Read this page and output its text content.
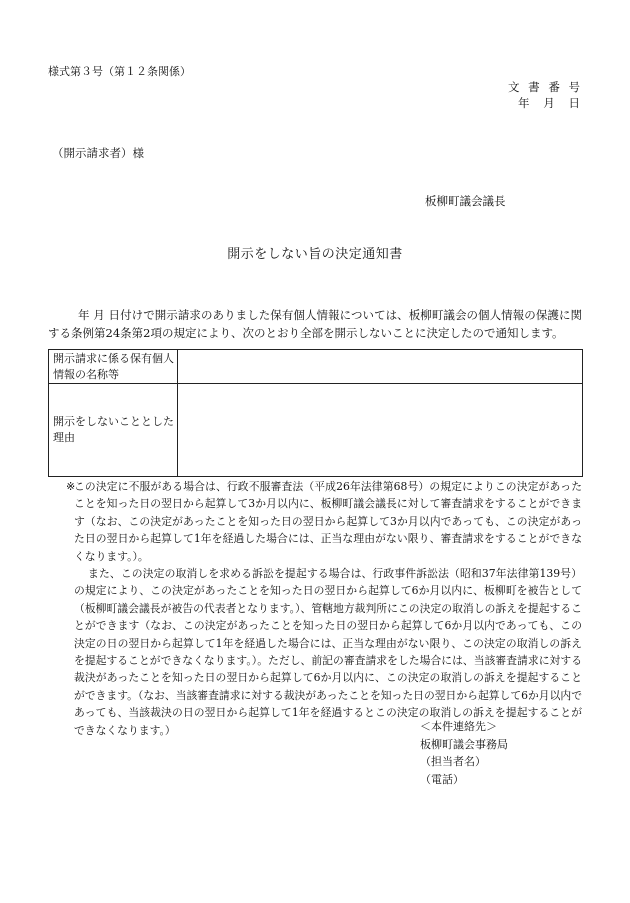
様式第３号（第１２条関係）
文書番号
年月日
（開示請求者）様
板柳町議会議長
開示をしない旨の決定通知書
年 月 日付けで開示請求のありました保有個人情報については、板柳町議会の個人情報の保護に関する条例第24条第2項の規定により、次のとおり全部を開示しないことに決定したので通知します。
開示請求に係る保有個人情報の名称等	
開示をしないこととした理由	
※
この決定に不服がある場合は、行政不服審査法（平成26年法律第68号）の規定によりこの決定があったことを知った日の翌日から起算して3か月以内に、板柳町議会議長に対して審査請求をすることができます（なお、この決定があったことを知った日の翌日から起算して3か月以内であっても、この決定があった日の翌日から起算して1年を経過した場合には、正当な理由がない限り、審査請求をすることができなくなります。）。
また、この決定の取消しを求める訴訟を提起する場合は、行政事件訴訟法（昭和37年法律第139号）の規定により、この決定があったことを知った日の翌日から起算して6か月以内に、板柳町を被告として（板柳町議会議長が被告の代表者となります。）、管轄地方裁判所にこの決定の取消しの訴えを提起することができます（なお、この決定があったことを知った日の翌日から起算して6か月以内であっても、この決定の日の翌日から起算して1年を経過した場合には、正当な理由がない限り、この決定の取消しの訴えを提起することができなくなります。）。ただし、前記の審査請求をした場合には、当該審査請求に対する裁決があったことを知った日の翌日から起算して6か月以内に、この決定の取消しの訴えを提起することができます。（なお、当該審査請求に対する裁決があったことを知った日の翌日から起算して6か月以内であっても、当該裁決の日の翌日から起算して1年を経過するとこの決定の取消しの訴えを提起することができなくなります。）	＜本件連絡先＞
板柳町議会事務局
（担当者名）
（電話）
